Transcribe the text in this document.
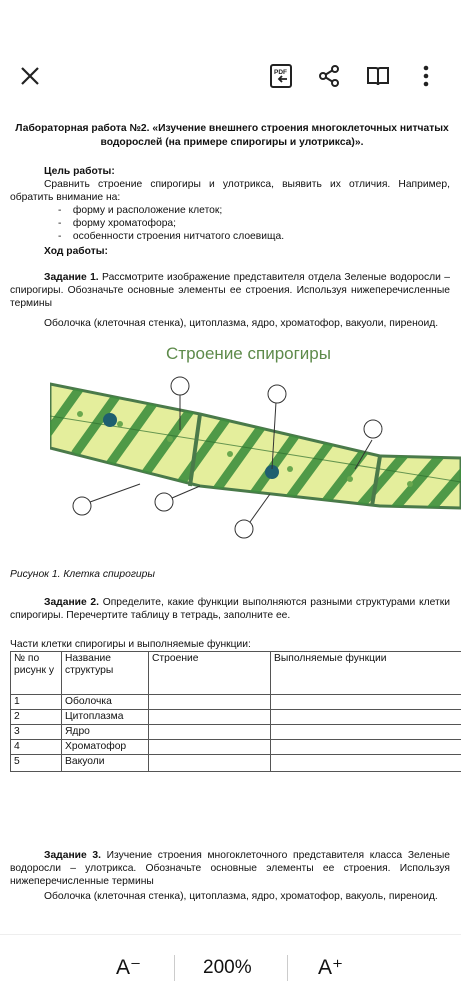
PDF
Лабораторная работа №2. «Изучение внешнего строения многоклеточных нитчатых водорослей (на примере спирогиры и улотрикса)».
Цель работы:
Сравнить строение спирогиры и улотрикса, выявить их отличия. Например, обратить внимание на:
-    формy и расположение клеток;
-    форму хроматофора;
-    особенности строения нитчатого слоевища.
Ход работы:
Задание 1. Рассмотрите изображение представителя отдела Зеленые водоросли – спирогиры. Обозначьте основные элементы ее строения. Используя нижеперечисленные термины
Оболочка (клеточная стенка), цитоплазма, ядро, хроматофор, вакуоли, пиреноид.
Строение спирогиры
Рисунок 1. Клетка спирогиры
Задание 2. Определите, какие функции выполняются разными структурами клетки спирогиры. Перечертите таблицу в тетрадь, заполните ее.
Части клетки спирогиры и выполняемые функции:
№ по рисунк у	Название структуры	Строение	Выполняемые функции
1	Оболочка		
2	Цитоплазма		
3	Ядро		
4	Хроматофор		
5	Вакуоли		
Задание 3. Изучение строения многоклеточного представителя класса Зеленые водоросли – улотрикса. Обозначьте основные элементы ее строения. Используя нижеперечисленные термины
Оболочка (клеточная стенка), цитоплазма, ядро, хроматофор, вакуоль, пиреноид.
A⁻	200%	A⁺
